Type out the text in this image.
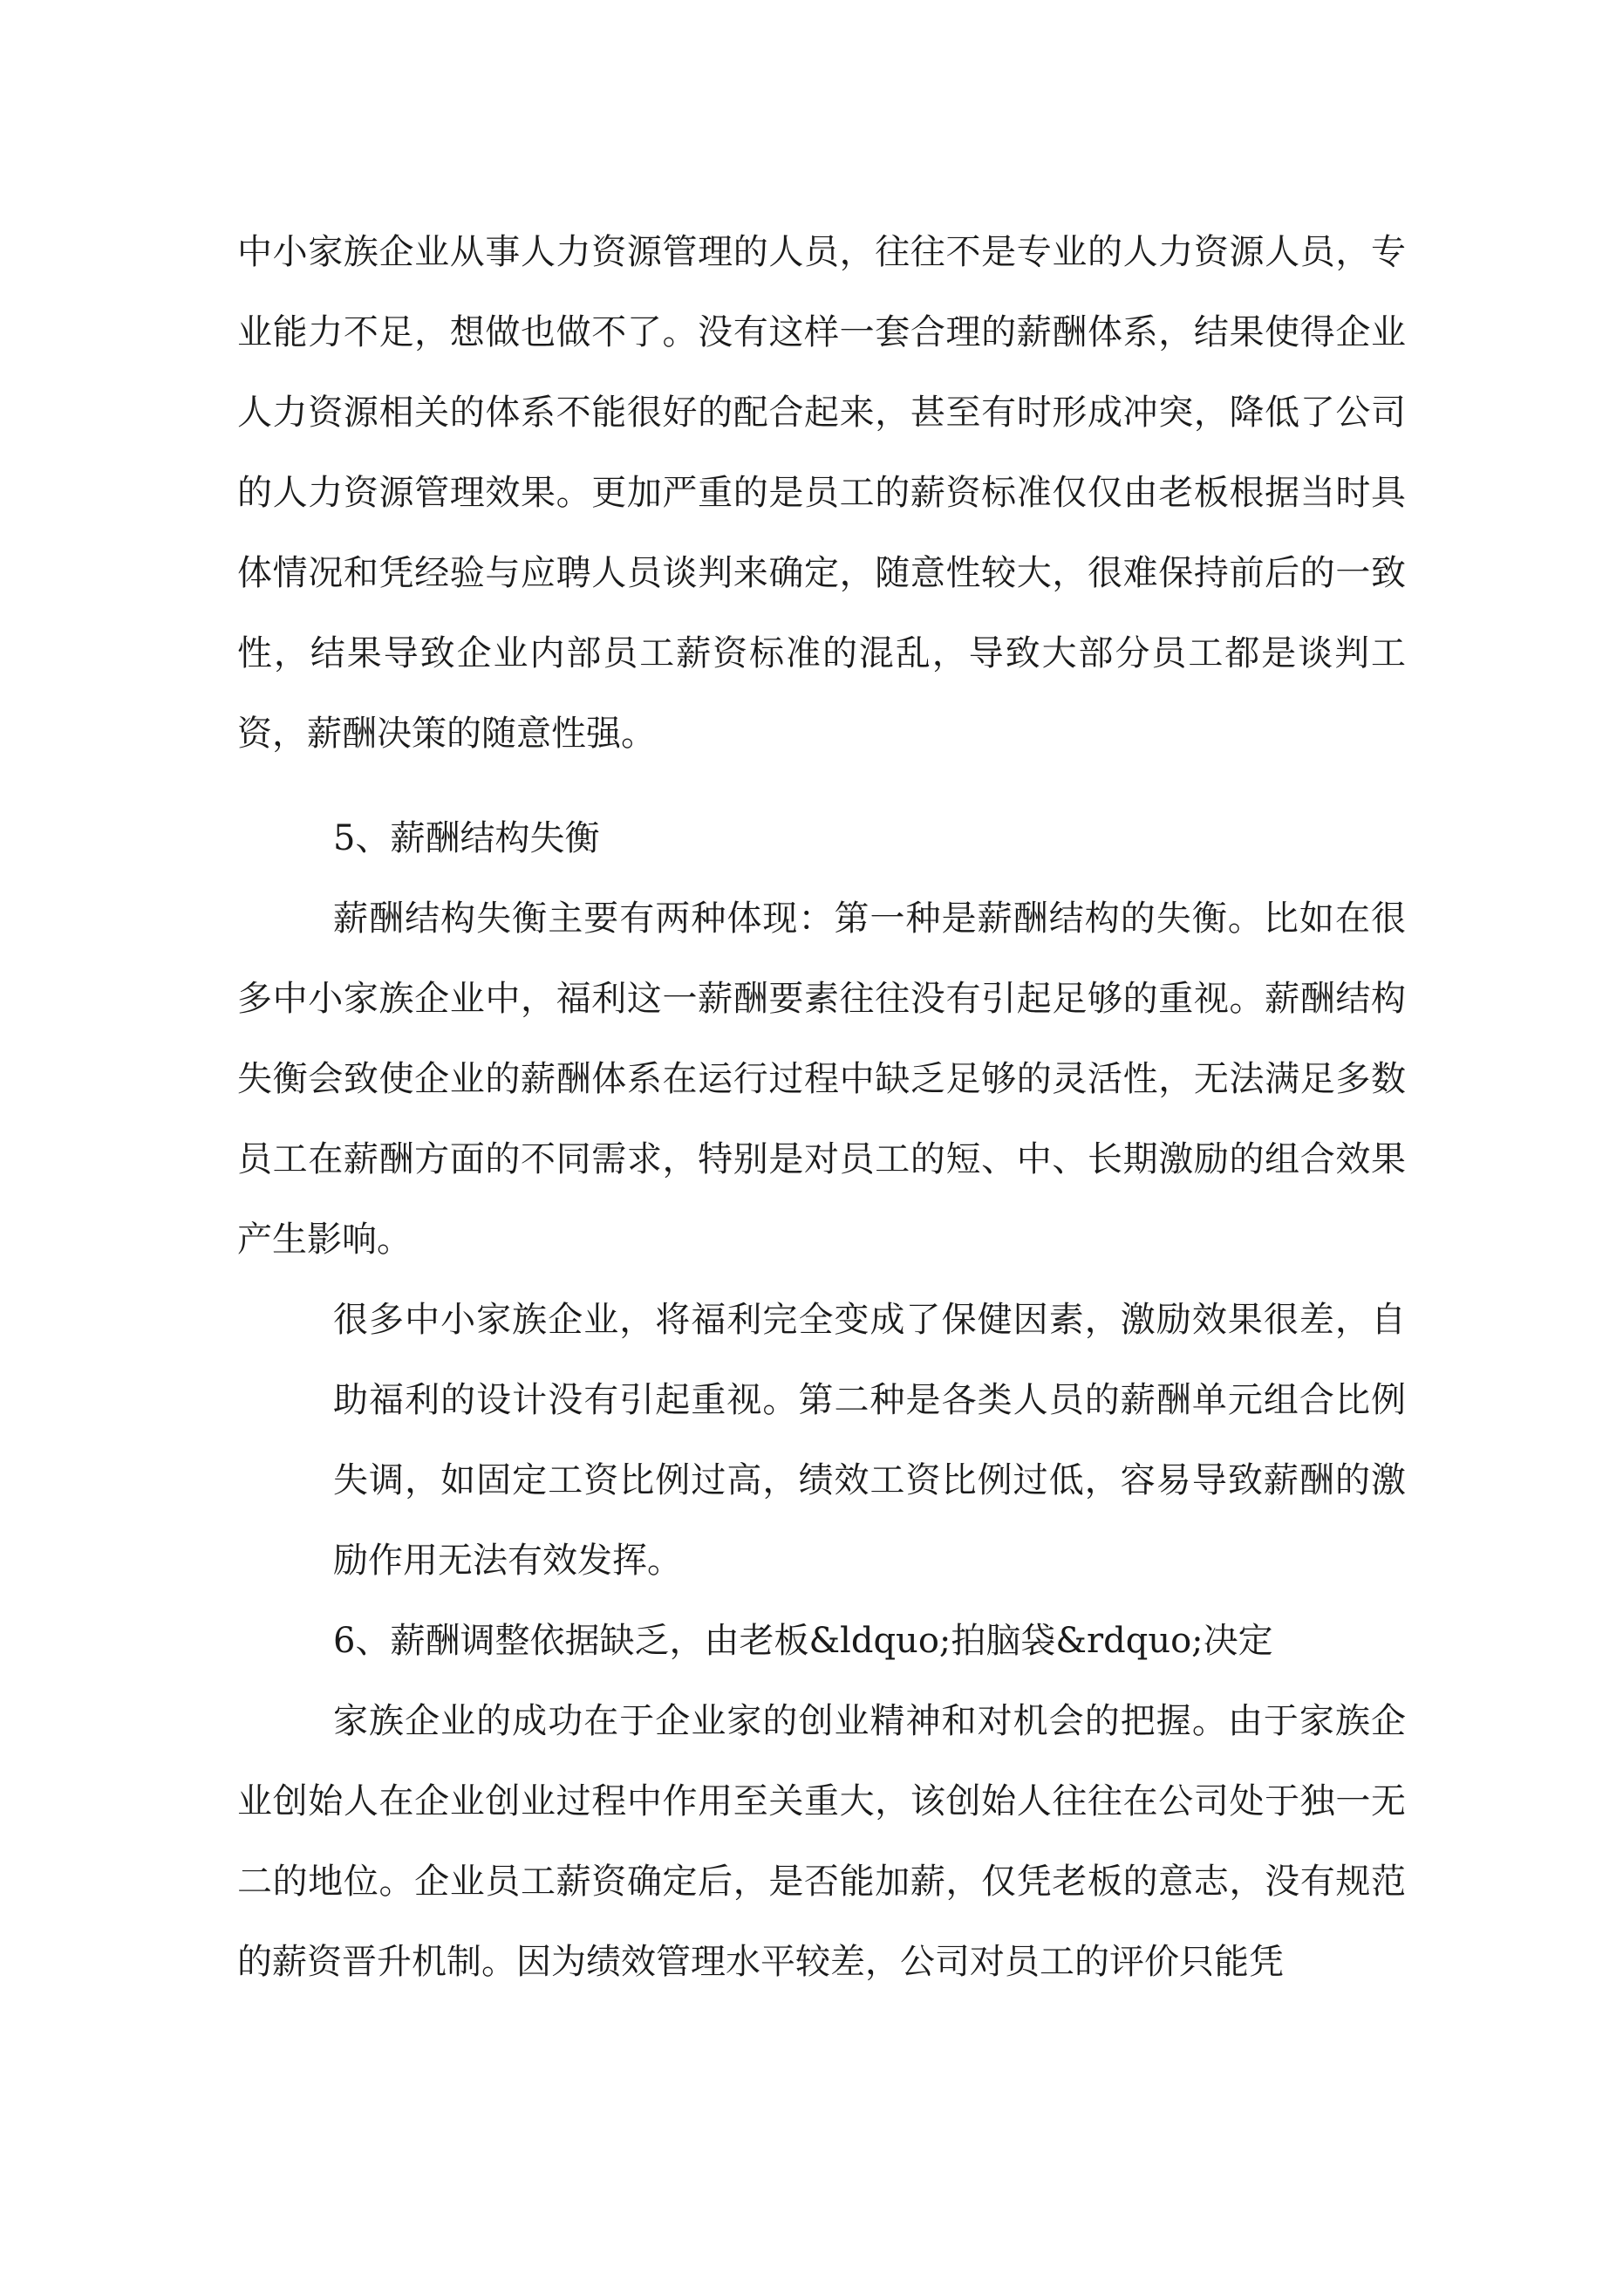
中小家族企业从事人力资源管理的人员，往往不是专业的人力资源人员，专业能力不足，想做也做不了。没有这样一套合理的薪酬体系，结果使得企业人力资源相关的体系不能很好的配合起来，甚至有时形成冲突，降低了公司的人力资源管理效果。更加严重的是员工的薪资标准仅仅由老板根据当时具体情况和凭经验与应聘人员谈判来确定，随意性较大，很难保持前后的一致性，结果导致企业内部员工薪资标准的混乱，导致大部分员工都是谈判工资，薪酬决策的随意性强。

5、薪酬结构失衡

薪酬结构失衡主要有两种体现：第一种是薪酬结构的失衡。比如在很多中小家族企业中，福利这一薪酬要素往往没有引起足够的重视。薪酬结构失衡会致使企业的薪酬体系在运行过程中缺乏足够的灵活性，无法满足多数员工在薪酬方面的不同需求，特别是对员工的短、中、长期激励的组合效果产生影响。

很多中小家族企业，将福利完全变成了保健因素，激励效果很差，自助福利的设计没有引起重视。第二种是各类人员的薪酬单元组合比例失调，如固定工资比例过高，绩效工资比例过低，容易导致薪酬的激励作用无法有效发挥。

6、薪酬调整依据缺乏，由老板&ldquo;拍脑袋&rdquo;决定

家族企业的成功在于企业家的创业精神和对机会的把握。由于家族企业创始人在企业创业过程中作用至关重大，该创始人往往在公司处于独一无二的地位。企业员工薪资确定后，是否能加薪，仅凭老板的意志，没有规范的薪资晋升机制。因为绩效管理水平较差，公司对员工的评价只能凭
